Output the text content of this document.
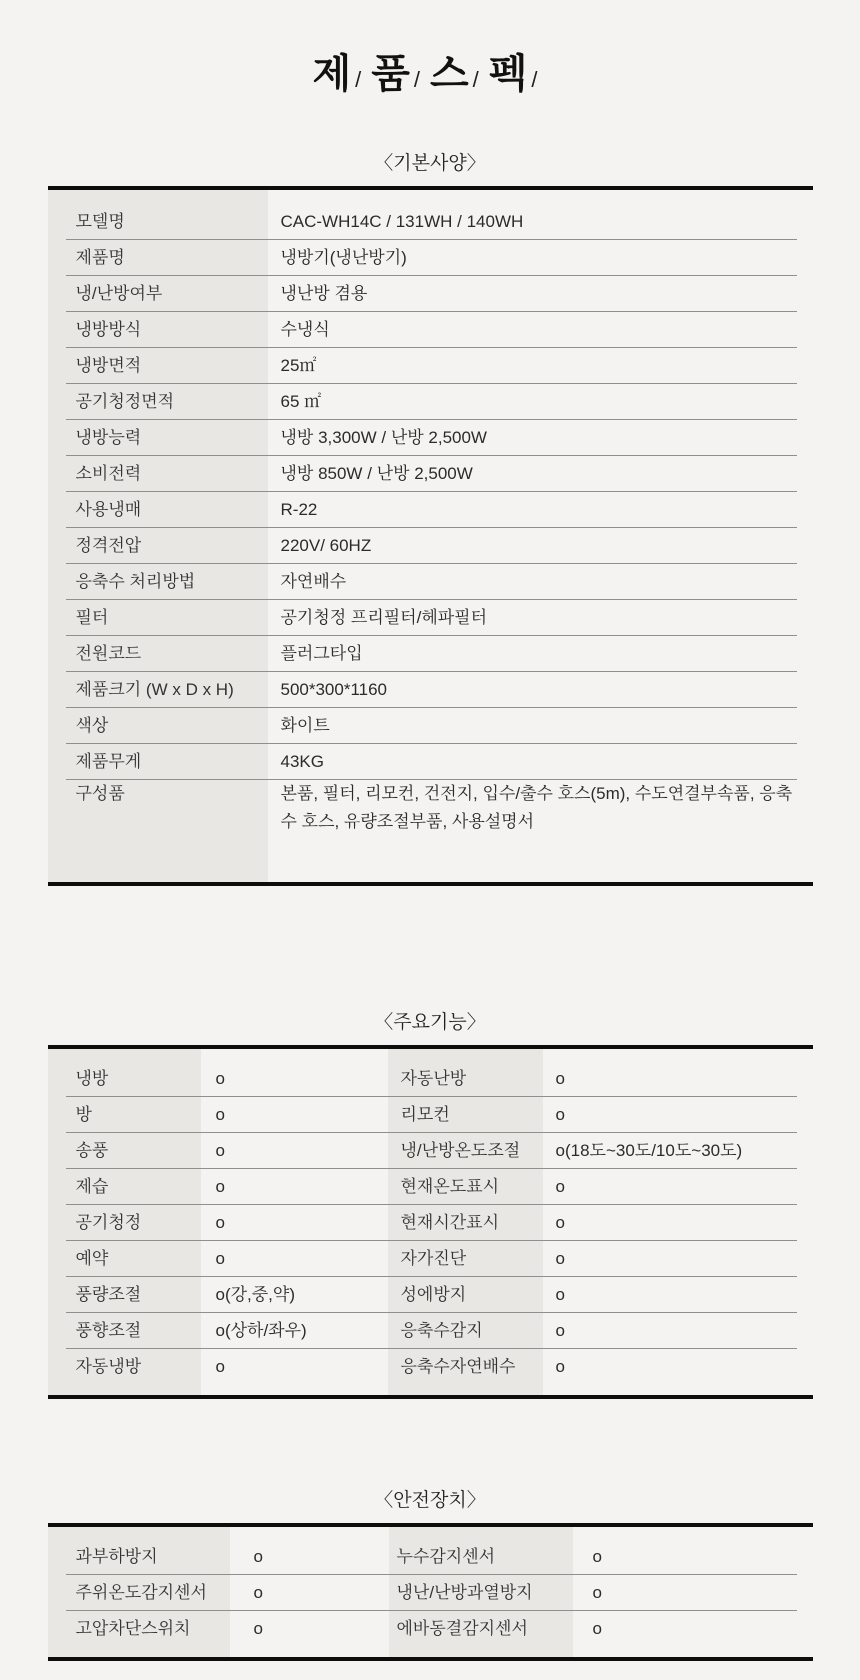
제 / 품 / 스 / 펙 /
〈기본사양〉
모델명	CAC-WH14C / 131WH / 140WH
제품명	냉방기(냉난방기)
냉/난방여부	냉난방 겸용
냉방방식	수냉식
냉방면적	25㎡
공기청정면적	65 ㎡
냉방능력	냉방 3,300W / 난방 2,500W
소비전력	냉방 850W / 난방 2,500W
사용냉매	R-22
정격전압	220V/ 60HZ
응축수 처리방법	자연배수
필터	공기청정 프리필터/헤파필터
전원코드	플러그타입
제품크기 (W x D x H)	500*300*1160
색상	화이트
제품무게	43KG
구성품	본품, 필터, 리모컨, 건전지, 입수/출수 호스(5m), 수도연결부속품, 응축수 호스, 유량조절부품, 사용설명서
〈주요기능〉
냉방	o	자동난방	o
방	o	리모컨	o
송풍	o	냉/난방온도조절	o(18도~30도/10도~30도)
제습	o	현재온도표시	o
공기청정	o	현재시간표시	o
예약	o	자가진단	o
풍량조절	o(강,중,약)	성에방지	o
풍향조절	o(상하/좌우)	응축수감지	o
자동냉방	o	응축수자연배수	o
〈안전장치〉
과부하방지	o	누수감지센서	o
주위온도감지센서	o	냉난/난방과열방지	o
고압차단스위치	o	에바동결감지센서	o
